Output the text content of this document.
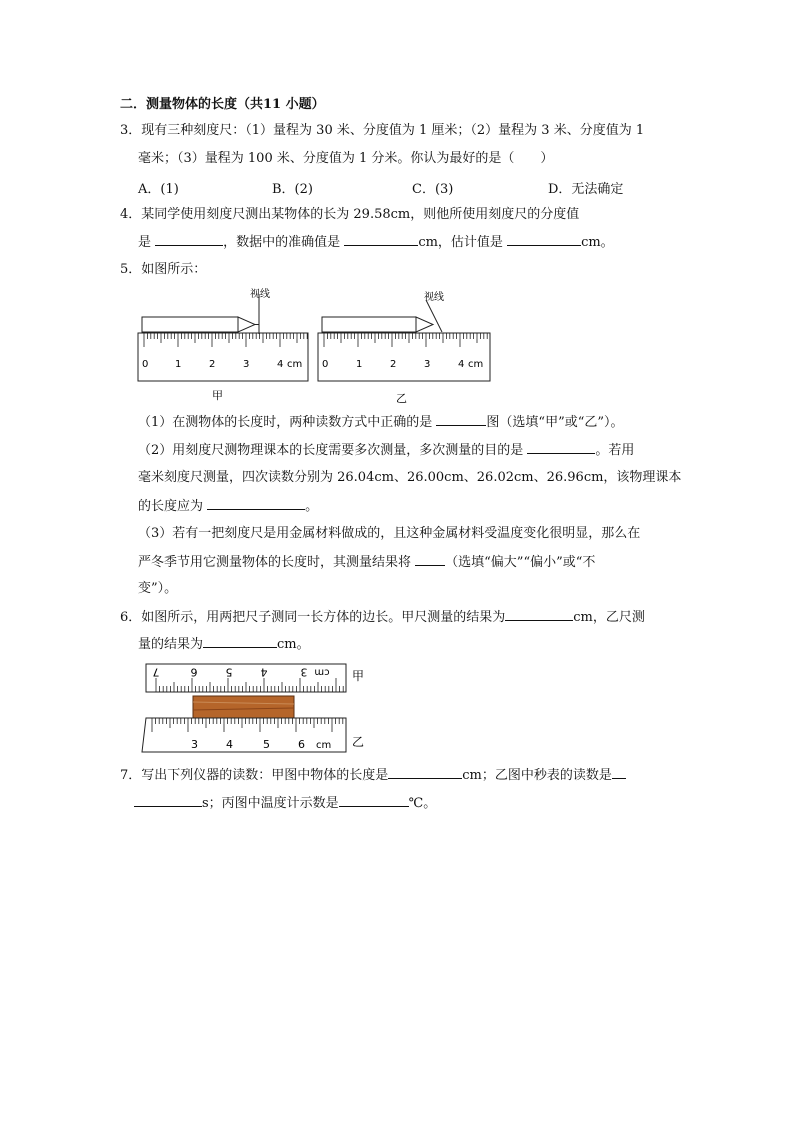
二．测量物体的长度（共11 小题）
3．现有三种刻度尺：（1）量程为 30 米、分度值为 1 厘米；（2）量程为 3 米、分度值为 1
毫米；（3）量程为 100 米、分度值为 1 分米。你认为最好的是（　　）
A．(1)	B．(2)	C．(3)	D．无法确定
4．某同学使用刻度尺测出某物体的长为 29.58cm，则他所使用刻度尺的分度值
是	，数据中的准确值是	cm，估计值是	cm。
5．如图所示：
视线
0	1	2	3	4 cm
甲
视线
0	1	2	3	4 cm
乙
（1）在测物体的长度时，两种读数方式中正确的是	图（选填“甲”或“乙”）。
（2）用刻度尺测物理课本的长度需要多次测量，多次测量的目的是	。若用
毫米刻度尺测量，四次读数分别为 26.04cm、26.00cm、26.02cm、26.96cm，该物理课本
的长度应为	。
（3）若有一把刻度尺是用金属材料做成的，且这种金属材料受温度变化很明显，那么在
严冬季节用它测量物体的长度时，其测量结果将	（选填“偏大”“偏小”或“不
变”）。
6．如图所示，用两把尺子测同一长方体的边长。甲尺测量的结果为	cm，乙尺测
量的结果为	cm。
7	6	5	4	3 cm 甲
3	4	5	6 cm 乙
7．写出下列仪器的读数：甲图中物体的长度是	cm；乙图中秒表的读数是
s；丙图中温度计示数是	℃。
